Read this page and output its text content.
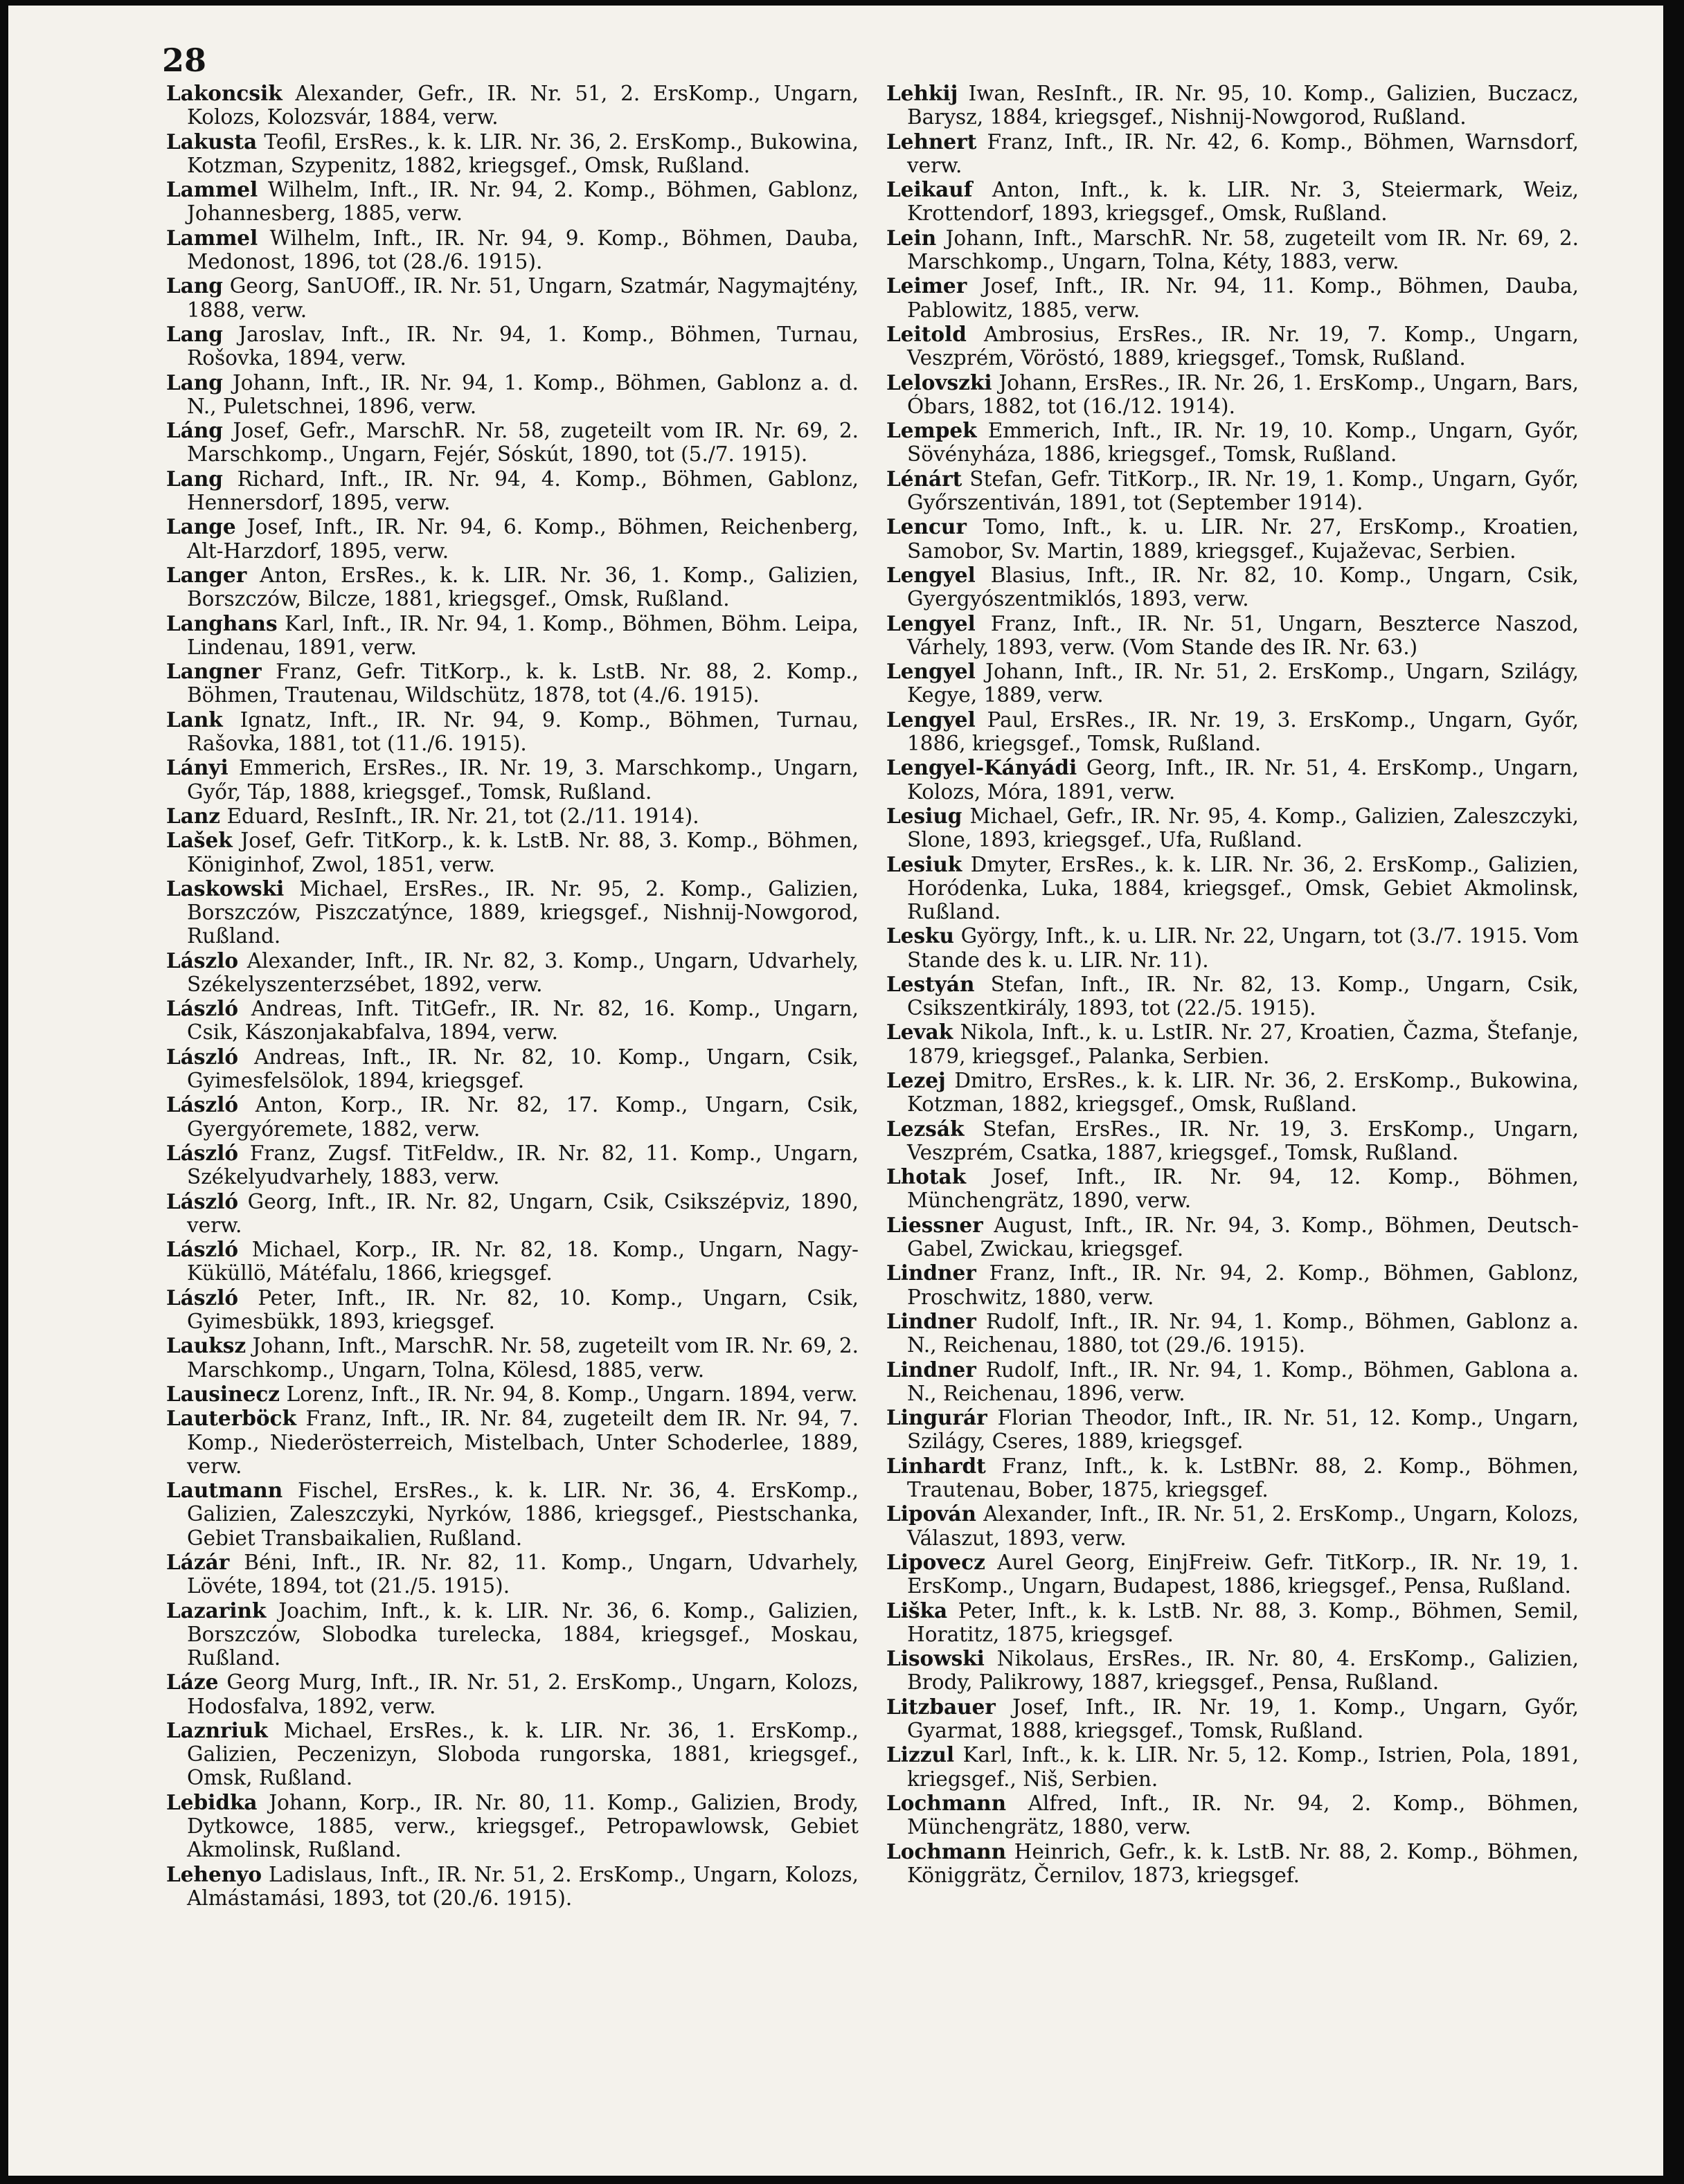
28

Lakoncsik Alexander, Gefr., IR. Nr. 51, 2. ErsKomp., Ungarn, Kolozs, Kolozsvár, 1884, verw.

Lakusta Teofil, ErsRes., k. k. LIR. Nr. 36, 2. ErsKomp., Bukowina, Kotzman, Szypenitz, 1882, kriegsgef., Omsk, Rußland.

Lammel Wilhelm, Inft., IR. Nr. 94, 2. Komp., Böhmen, Gablonz, Johannesberg, 1885, verw.

Lammel Wilhelm, Inft., IR. Nr. 94, 9. Komp., Böhmen, Dauba, Medonost, 1896, tot (28./6. 1915).

Lang Georg, SanUOff., IR. Nr. 51, Ungarn, Szatmár, Nagymajtény, 1888, verw.

Lang Jaroslav, Inft., IR. Nr. 94, 1. Komp., Böhmen, Turnau, Rošovka, 1894, verw.

Lang Johann, Inft., IR. Nr. 94, 1. Komp., Böhmen, Gablonz a. d. N., Puletschnei, 1896, verw.

Láng Josef, Gefr., MarschR. Nr. 58, zugeteilt vom IR. Nr. 69, 2. Marschkomp., Ungarn, Fejér, Sóskút, 1890, tot (5./7. 1915).

Lang Richard, Inft., IR. Nr. 94, 4. Komp., Böhmen, Gablonz, Hennersdorf, 1895, verw.

Lange Josef, Inft., IR. Nr. 94, 6. Komp., Böhmen, Reichenberg, Alt-Harzdorf, 1895, verw.

Langer Anton, ErsRes., k. k. LIR. Nr. 36, 1. Komp., Galizien, Borszczów, Bilcze, 1881, kriegsgef., Omsk, Rußland.

Langhans Karl, Inft., IR. Nr. 94, 1. Komp., Böhmen, Böhm. Leipa, Lindenau, 1891, verw.

Langner Franz, Gefr. TitKorp., k. k. LstB. Nr. 88, 2. Komp., Böhmen, Trautenau, Wildschütz, 1878, tot (4./6. 1915).

Lank Ignatz, Inft., IR. Nr. 94, 9. Komp., Böhmen, Turnau, Rašovka, 1881, tot (11./6. 1915).

Lányi Emmerich, ErsRes., IR. Nr. 19, 3. Marschkomp., Ungarn, Győr, Táp, 1888, kriegsgef., Tomsk, Rußland.

Lanz Eduard, ResInft., IR. Nr. 21, tot (2./11. 1914).

Lašek Josef, Gefr. TitKorp., k. k. LstB. Nr. 88, 3. Komp., Böhmen, Königinhof, Zwol, 1851, verw.

Laskowski Michael, ErsRes., IR. Nr. 95, 2. Komp., Galizien, Borszczów, Piszczatýnce, 1889, kriegsgef., Nishnij-Nowgorod, Rußland.

Lászlo Alexander, Inft., IR. Nr. 82, 3. Komp., Ungarn, Udvarhely, Székelyszenterzsébet, 1892, verw.

László Andreas, Inft. TitGefr., IR. Nr. 82, 16. Komp., Ungarn, Csik, Kászonjakabfalva, 1894, verw.

László Andreas, Inft., IR. Nr. 82, 10. Komp., Ungarn, Csik, Gyimesfelsölok, 1894, kriegsgef.

László Anton, Korp., IR. Nr. 82, 17. Komp., Ungarn, Csik, Gyergyóremete, 1882, verw.

László Franz, Zugsf. TitFeldw., IR. Nr. 82, 11. Komp., Ungarn, Székelyudvarhely, 1883, verw.

László Georg, Inft., IR. Nr. 82, Ungarn, Csik, Csikszépviz, 1890, verw.

László Michael, Korp., IR. Nr. 82, 18. Komp., Ungarn, Nagy-Küküllö, Mátéfalu, 1866, kriegsgef.

László Peter, Inft., IR. Nr. 82, 10. Komp., Ungarn, Csik, Gyimesbükk, 1893, kriegsgef.

Lauksz Johann, Inft., MarschR. Nr. 58, zugeteilt vom IR. Nr. 69, 2. Marschkomp., Ungarn, Tolna, Kölesd, 1885, verw.

Lausinecz Lorenz, Inft., IR. Nr. 94, 8. Komp., Ungarn. 1894, verw.

Lauterböck Franz, Inft., IR. Nr. 84, zugeteilt dem IR. Nr. 94, 7. Komp., Niederösterreich, Mistelbach, Unter Schoderlee, 1889, verw.

Lautmann Fischel, ErsRes., k. k. LIR. Nr. 36, 4. ErsKomp., Galizien, Zaleszczyki, Nyrków, 1886, kriegsgef., Piestschanka, Gebiet Transbaikalien, Rußland.

Lázár Béni, Inft., IR. Nr. 82, 11. Komp., Ungarn, Udvarhely, Lövéte, 1894, tot (21./5. 1915).

Lazarink Joachim, Inft., k. k. LIR. Nr. 36, 6. Komp., Galizien, Borszczów, Slobodka turelecka, 1884, kriegsgef., Moskau, Rußland.

Láze Georg Murg, Inft., IR. Nr. 51, 2. ErsKomp., Ungarn, Kolozs, Hodosfalva, 1892, verw.

Laznriuk Michael, ErsRes., k. k. LIR. Nr. 36, 1. ErsKomp., Galizien, Peczenizyn, Sloboda rungorska, 1881, kriegsgef., Omsk, Rußland.

Lebidka Johann, Korp., IR. Nr. 80, 11. Komp., Galizien, Brody, Dytkowce, 1885, verw., kriegsgef., Petropawlowsk, Gebiet Akmolinsk, Rußland.

Lehenyo Ladislaus, Inft., IR. Nr. 51, 2. ErsKomp., Ungarn, Kolozs, Almástamási, 1893, tot (20./6. 1915).

Lehkij Iwan, ResInft., IR. Nr. 95, 10. Komp., Galizien, Buczacz, Barysz, 1884, kriegsgef., Nishnij-Nowgorod, Rußland.

Lehnert Franz, Inft., IR. Nr. 42, 6. Komp., Böhmen, Warnsdorf, verw.

Leikauf Anton, Inft., k. k. LIR. Nr. 3, Steiermark, Weiz, Krottendorf, 1893, kriegsgef., Omsk, Rußland.

Lein Johann, Inft., MarschR. Nr. 58, zugeteilt vom IR. Nr. 69, 2. Marschkomp., Ungarn, Tolna, Kéty, 1883, verw.

Leimer Josef, Inft., IR. Nr. 94, 11. Komp., Böhmen, Dauba, Pablowitz, 1885, verw.

Leitold Ambrosius, ErsRes., IR. Nr. 19, 7. Komp., Ungarn, Veszprém, Vöröstó, 1889, kriegsgef., Tomsk, Rußland.

Lelovszki Johann, ErsRes., IR. Nr. 26, 1. ErsKomp., Ungarn, Bars, Óbars, 1882, tot (16./12. 1914).

Lempek Emmerich, Inft., IR. Nr. 19, 10. Komp., Ungarn, Győr, Sövényháza, 1886, kriegsgef., Tomsk, Rußland.

Lénárt Stefan, Gefr. TitKorp., IR. Nr. 19, 1. Komp., Ungarn, Győr, Győrszentiván, 1891, tot (September 1914).

Lencur Tomo, Inft., k. u. LIR. Nr. 27, ErsKomp., Kroatien, Samobor, Sv. Martin, 1889, kriegsgef., Kujaževac, Serbien.

Lengyel Blasius, Inft., IR. Nr. 82, 10. Komp., Ungarn, Csik, Gyergyószentmiklós, 1893, verw.

Lengyel Franz, Inft., IR. Nr. 51, Ungarn, Beszterce Naszod, Várhely, 1893, verw. (Vom Stande des IR. Nr. 63.)

Lengyel Johann, Inft., IR. Nr. 51, 2. ErsKomp., Ungarn, Szilágy, Kegye, 1889, verw.

Lengyel Paul, ErsRes., IR. Nr. 19, 3. ErsKomp., Ungarn, Győr, 1886, kriegsgef., Tomsk, Rußland.

Lengyel-Kányádi Georg, Inft., IR. Nr. 51, 4. ErsKomp., Ungarn, Kolozs, Móra, 1891, verw.

Lesiug Michael, Gefr., IR. Nr. 95, 4. Komp., Galizien, Zaleszczyki, Slone, 1893, kriegsgef., Ufa, Rußland.

Lesiuk Dmyter, ErsRes., k. k. LIR. Nr. 36, 2. ErsKomp., Galizien, Horódenka, Luka, 1884, kriegsgef., Omsk, Gebiet Akmolinsk, Rußland.

Lesku György, Inft., k. u. LIR. Nr. 22, Ungarn, tot (3./7. 1915. Vom Stande des k. u. LIR. Nr. 11).

Lestyán Stefan, Inft., IR. Nr. 82, 13. Komp., Ungarn, Csik, Csikszentkirály, 1893, tot (22./5. 1915).

Levak Nikola, Inft., k. u. LstIR. Nr. 27, Kroatien, Čazma, Štefanje, 1879, kriegsgef., Palanka, Serbien.

Lezej Dmitro, ErsRes., k. k. LIR. Nr. 36, 2. ErsKomp., Bukowina, Kotzman, 1882, kriegsgef., Omsk, Rußland.

Lezsák Stefan, ErsRes., IR. Nr. 19, 3. ErsKomp., Ungarn, Veszprém, Csatka, 1887, kriegsgef., Tomsk, Rußland.

Lhotak Josef, Inft., IR. Nr. 94, 12. Komp., Böhmen, Münchengrätz, 1890, verw.

Liessner August, Inft., IR. Nr. 94, 3. Komp., Böhmen, Deutsch-Gabel, Zwickau, kriegsgef.

Lindner Franz, Inft., IR. Nr. 94, 2. Komp., Böhmen, Gablonz, Proschwitz, 1880, verw.

Lindner Rudolf, Inft., IR. Nr. 94, 1. Komp., Böhmen, Gablonz a. N., Reichenau, 1880, tot (29./6. 1915).

Lindner Rudolf, Inft., IR. Nr. 94, 1. Komp., Böhmen, Gablona a. N., Reichenau, 1896, verw.

Lingurár Florian Theodor, Inft., IR. Nr. 51, 12. Komp., Ungarn, Szilágy, Cseres, 1889, kriegsgef.

Linhardt Franz, Inft., k. k. LstBNr. 88, 2. Komp., Böhmen, Trautenau, Bober, 1875, kriegsgef.

Lipován Alexander, Inft., IR. Nr. 51, 2. ErsKomp., Ungarn, Kolozs, Válaszut, 1893, verw.

Lipovecz Aurel Georg, EinjFreiw. Gefr. TitKorp., IR. Nr. 19, 1. ErsKomp., Ungarn, Budapest, 1886, kriegsgef., Pensa, Rußland.

Liška Peter, Inft., k. k. LstB. Nr. 88, 3. Komp., Böhmen, Semil, Horatitz, 1875, kriegsgef.

Lisowski Nikolaus, ErsRes., IR. Nr. 80, 4. ErsKomp., Galizien, Brody, Palikrowy, 1887, kriegsgef., Pensa, Rußland.

Litzbauer Josef, Inft., IR. Nr. 19, 1. Komp., Ungarn, Győr, Gyarmat, 1888, kriegsgef., Tomsk, Rußland.

Lizzul Karl, Inft., k. k. LIR. Nr. 5, 12. Komp., Istrien, Pola, 1891, kriegsgef., Niš, Serbien.

Lochmann Alfred, Inft., IR. Nr. 94, 2. Komp., Böhmen, Münchengrätz, 1880, verw.

Lochmann Heinrich, Gefr., k. k. LstB. Nr. 88, 2. Komp., Böhmen, Königgrätz, Černilov, 1873, kriegsgef.
